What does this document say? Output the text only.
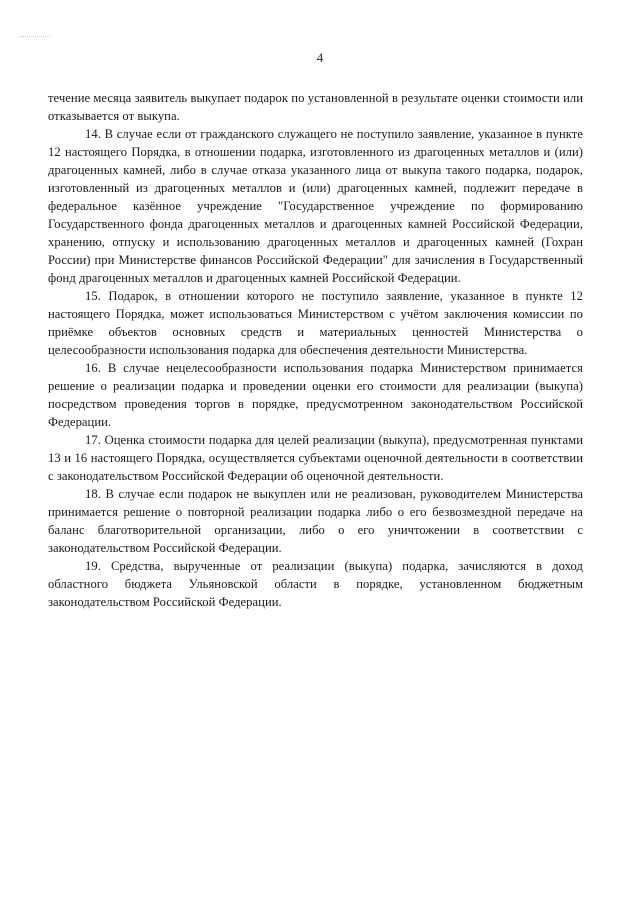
4

течение месяца заявитель выкупает подарок по установленной в результате оценки стоимости или отказывается от выкупа.

14. В случае если от гражданского служащего не поступило заявление, указанное в пункте 12 настоящего Порядка, в отношении подарка, изготовленного из драгоценных металлов и (или) драгоценных камней, либо в случае отказа указанного лица от выкупа такого подарка, подарок, изготовленный из драгоценных металлов и (или) драгоценных камней, подлежит передаче в федеральное казённое учреждение "Государственное учреждение по формированию Государственного фонда драгоценных металлов и драгоценных камней Российской Федерации, хранению, отпуску и использованию драгоценных металлов и драгоценных камней (Гохран России) при Министерстве финансов Российской Федерации" для зачисления в Государственный фонд драгоценных металлов и драгоценных камней Российской Федерации.

15. Подарок, в отношении которого не поступило заявление, указанное в пункте 12 настоящего Порядка, может использоваться Министерством с учётом заключения комиссии по приёмке объектов основных средств и материальных ценностей Министерства о целесообразности использования подарка для обеспечения деятельности Министерства.

16. В случае нецелесообразности использования подарка Министерством принимается решение о реализации подарка и проведении оценки его стоимости для реализации (выкупа) посредством проведения торгов в порядке, предусмотренном законодательством Российской Федерации.

17. Оценка стоимости подарка для целей реализации (выкупа), предусмотренная пунктами 13 и 16 настоящего Порядка, осуществляется субъектами оценочной деятельности в соответствии с законодательством Российской Федерации об оценочной деятельности.

18. В случае если подарок не выкуплен или не реализован, руководителем Министерства принимается решение о повторной реализации подарка либо о его безвозмездной передаче на баланс благотворительной организации, либо о его уничтожении в соответствии с законодательством Российской Федерации.

19. Средства, вырученные от реализации (выкупа) подарка, зачисляются в доход областного бюджета Ульяновской области в порядке, установленном бюджетным законодательством Российской Федерации.
